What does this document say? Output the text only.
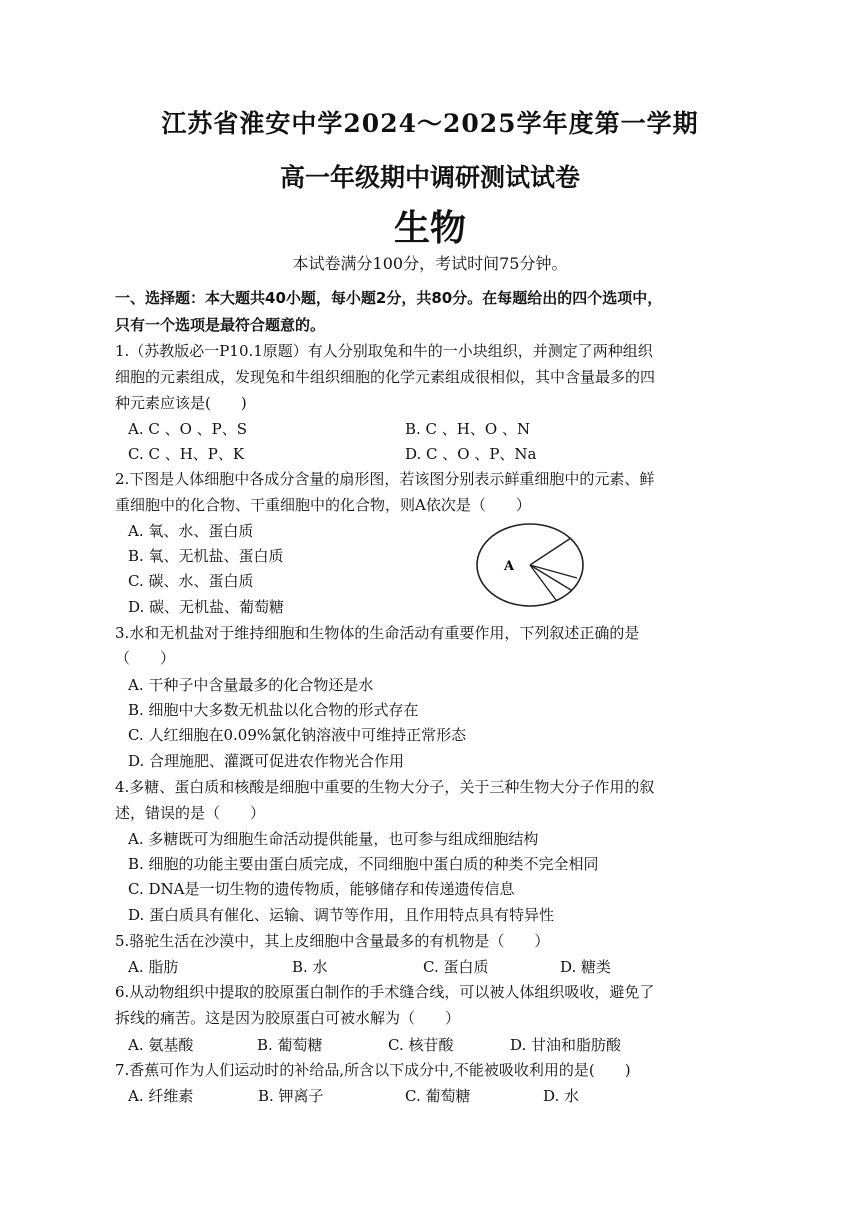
江苏省淮安中学2024～2025学年度第一学期
高一年级期中调研测试试卷
生物
本试卷满分100分，考试时间75分钟。
一、选择题：本大题共40小题，每小题2分，共80分。在每题给出的四个选项中，
只有一个选项是最符合题意的。
1.（苏教版必一P10.1原题）有人分别取兔和牛的一小块组织，并测定了两种组织
细胞的元素组成，发现兔和牛组织细胞的化学元素组成很相似，其中含量最多的四
种元素应该是(　　)
A. C 、O 、P、S	B. C 、H、O 、N
C. C 、H、P、K	D. C 、O 、P、Na
2.下图是人体细胞中各成分含量的扇形图，若该图分别表示鲜重细胞中的元素、鲜
重细胞中的化合物、干重细胞中的化合物，则A依次是（　　）
A. 氧、水、蛋白质
B. 氧、无机盐、蛋白质
C. 碳、水、蛋白质
D. 碳、无机盐、葡萄糖
A
3.水和无机盐对于维持细胞和生物体的生命活动有重要作用，下列叙述正确的是
（　　）
A. 干种子中含量最多的化合物还是水
B. 细胞中大多数无机盐以化合物的形式存在
C. 人红细胞在0.09%氯化钠溶液中可维持正常形态
D. 合理施肥、灌溉可促进农作物光合作用
4.多糖、蛋白质和核酸是细胞中重要的生物大分子，关于三种生物大分子作用的叙
述，错误的是（　　）
A. 多糖既可为细胞生命活动提供能量，也可参与组成细胞结构
B. 细胞的功能主要由蛋白质完成，不同细胞中蛋白质的种类不完全相同
C. DNA是一切生物的遗传物质，能够储存和传递遗传信息
D. 蛋白质具有催化、运输、调节等作用，且作用特点具有特异性
5.骆驼生活在沙漠中，其上皮细胞中含量最多的有机物是（　　）
A. 脂肪	B. 水	C. 蛋白质	D. 糖类
6.从动物组织中提取的胶原蛋白制作的手术缝合线，可以被人体组织吸收，避免了
拆线的痛苦。这是因为胶原蛋白可被水解为（　　）
A. 氨基酸	B. 葡萄糖	C. 核苷酸	D. 甘油和脂肪酸
7.香蕉可作为人们运动时的补给品,所含以下成分中,不能被吸收利用的是(　　)
A. 纤维素	B. 钾离子	C. 葡萄糖	D. 水
